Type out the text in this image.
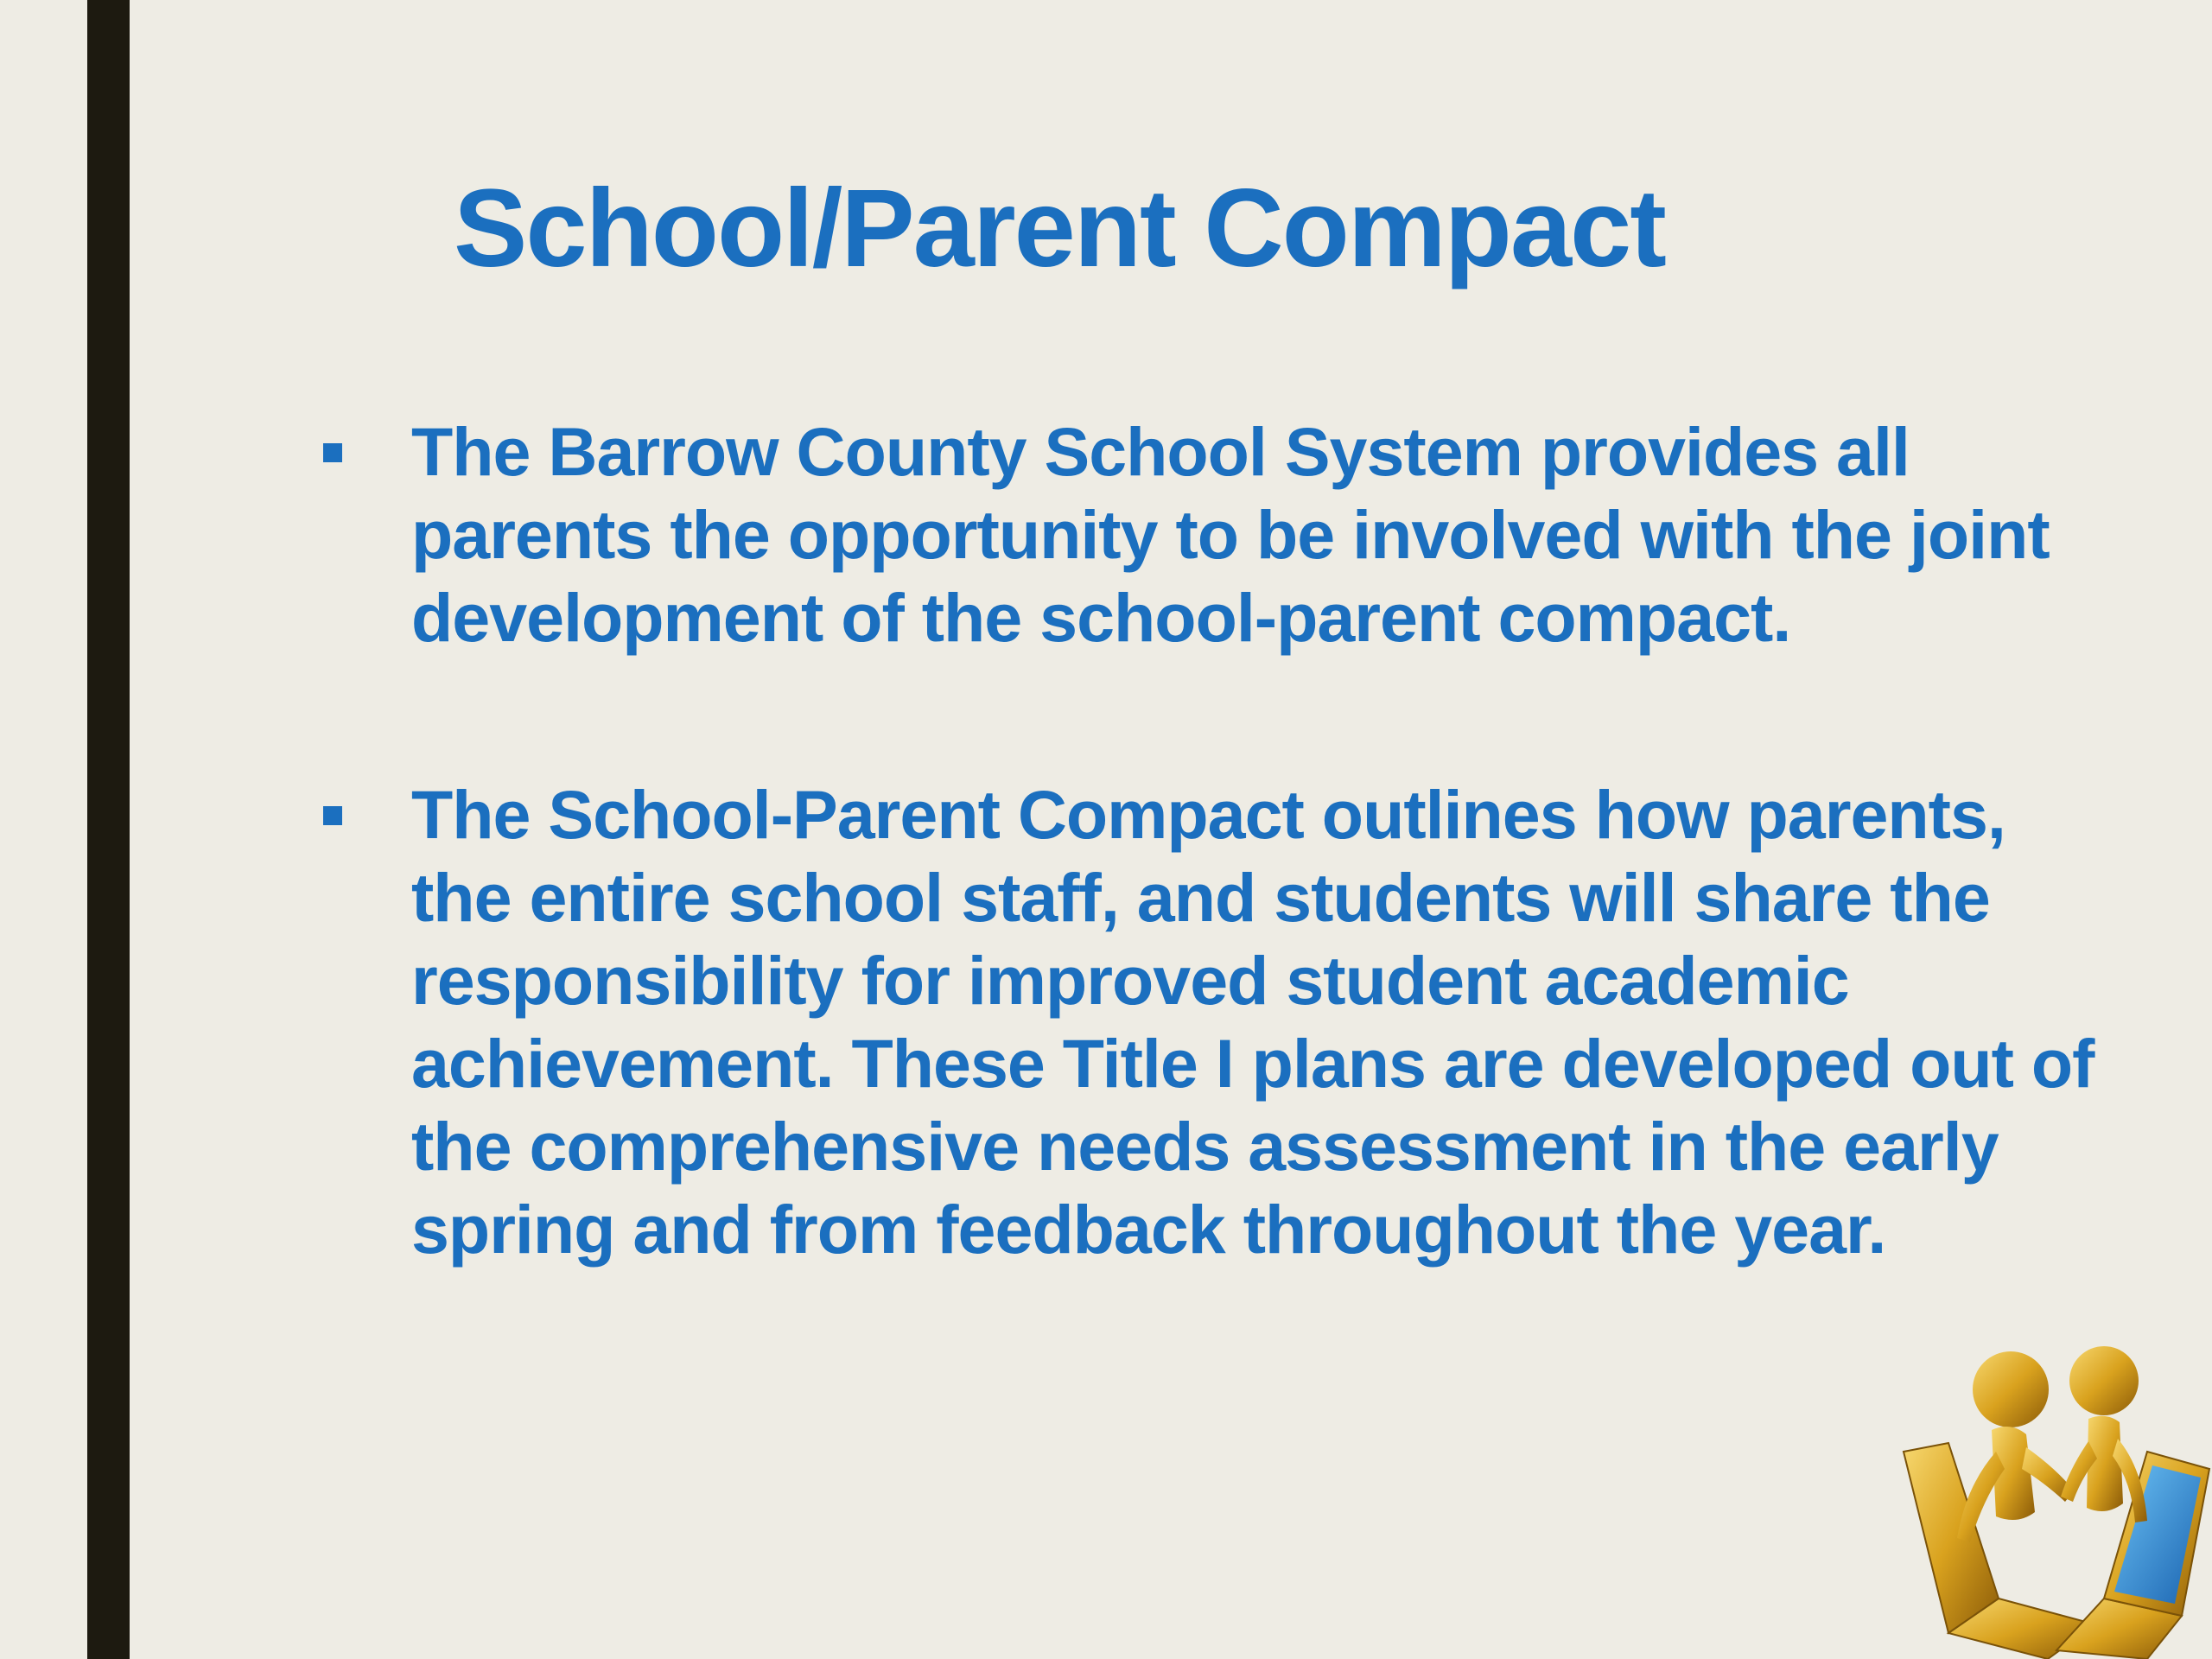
School/Parent Compact
The Barrow County School System provides all parents the opportunity to be involved with the joint development of the school-parent compact.
The School-Parent Compact outlines how parents, the entire school staff, and students will share the responsibility for improved student academic achievement. These Title I plans are developed out of the comprehensive needs assessment in the early spring and from feedback throughout the year.
